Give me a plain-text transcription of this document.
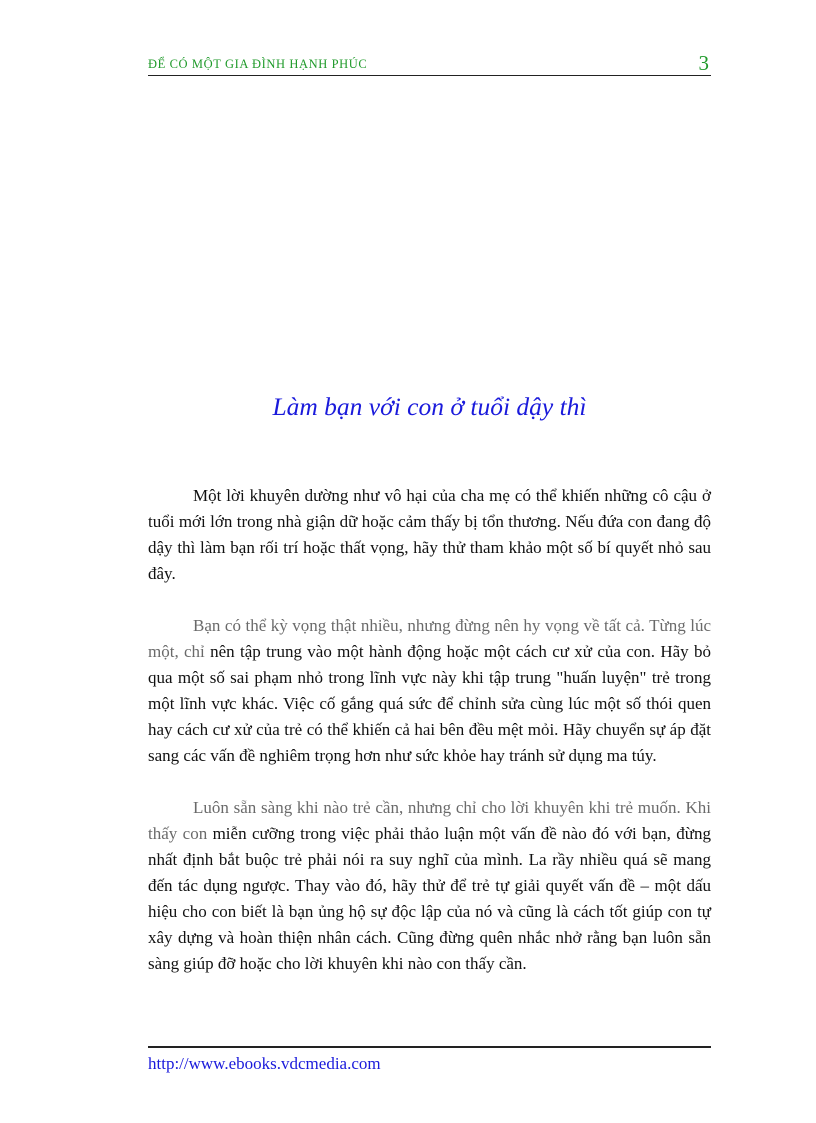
ĐỂ CÓ MỘT GIA ĐÌNH HẠNH PHÚC	3
Làm bạn với con ở tuổi dậy thì

Một lời khuyên dường như vô hại của cha mẹ có thể khiến những cô cậu ở tuổi mới lớn trong nhà giận dữ hoặc cảm thấy bị tổn thương. Nếu đứa con đang độ dậy thì làm bạn rối trí hoặc thất vọng, hãy thử tham khảo một số bí quyết nhỏ sau đây.

Bạn có thể kỳ vọng thật nhiều, nhưng đừng nên hy vọng về tất cả. Từng lúc một, chỉ nên tập trung vào một hành động hoặc một cách cư xử của con. Hãy bỏ qua một số sai phạm nhỏ trong lĩnh vực này khi tập trung "huấn luyện" trẻ trong một lĩnh vực khác. Việc cố gắng quá sức để chỉnh sửa cùng lúc một số thói quen hay cách cư xử của trẻ có thể khiến cả hai bên đều mệt mỏi. Hãy chuyển sự áp đặt sang các vấn đề nghiêm trọng hơn như sức khỏe hay tránh sử dụng ma túy.

Luôn sẵn sàng khi nào trẻ cần, nhưng chỉ cho lời khuyên khi trẻ muốn. Khi thấy con miễn cưỡng trong việc phải thảo luận một vấn đề nào đó với bạn, đừng nhất định bắt buộc trẻ phải nói ra suy nghĩ của mình. La rầy nhiều quá sẽ mang đến tác dụng ngược. Thay vào đó, hãy thử để trẻ tự giải quyết vấn đề – một dấu hiệu cho con biết là bạn ủng hộ sự độc lập của nó và cũng là cách tốt giúp con tự xây dựng và hoàn thiện nhân cách. Cũng đừng quên nhắc nhở rằng bạn luôn sẵn sàng giúp đỡ hoặc cho lời khuyên khi nào con thấy cần.

http://www.ebooks.vdcmedia.com
